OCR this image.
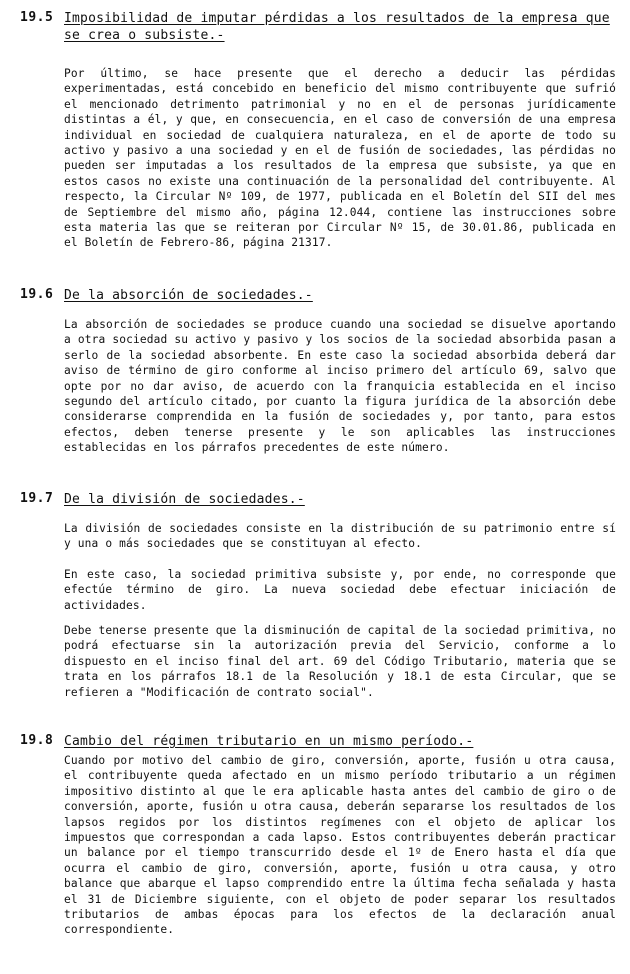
19.5 Imposibilidad de imputar pérdidas a los resultados de la empresa que se crea o subsiste.-

Por último, se hace presente que el derecho a deducir las pérdidas experimentadas, está concebido en beneficio del mismo contribuyente que sufrió el mencionado detrimento patrimonial y no en el de personas jurídicamente distintas a él, y que, en consecuencia, en el caso de conversión de una empresa individual en sociedad de cualquiera naturaleza, en el de aporte de todo su activo y pasivo a una sociedad y en el de fusión de sociedades, las pérdidas no pueden ser imputadas a los resultados de la empresa que subsiste, ya que en estos casos no existe una continuación de la personalidad del contribuyente. Al respecto, la Circular Nº 109, de 1977, publicada en el Boletín del SII del mes de Septiembre del mismo año, página 12.044, contiene las instrucciones sobre esta materia las que se reiteran por Circular Nº 15, de 30.01.86, publicada en el Boletín de Febrero-86, página 21317.

19.6 De la absorción de sociedades.-

La absorción de sociedades se produce cuando una sociedad se disuelve aportando a otra sociedad su activo y pasivo y los socios de la sociedad absorbida pasan a serlo de la sociedad absorbente. En este caso la sociedad absorbida deberá dar aviso de término de giro conforme al inciso primero del artículo 69, salvo que opte por no dar aviso, de acuerdo con la franquicia establecida en el inciso segundo del artículo citado, por cuanto la figura jurídica de la absorción debe considerarse comprendida en la fusión de sociedades y, por tanto, para estos efectos, deben tenerse presente y le son aplicables las instrucciones establecidas en los párrafos precedentes de este número.

19.7 De la división de sociedades.-

La división de sociedades consiste en la distribución de su patrimonio entre sí y una o más sociedades que se constituyan al efecto.

En este caso, la sociedad primitiva subsiste y, por ende, no corresponde que efectúe término de giro. La nueva sociedad debe efectuar iniciación de actividades.

Debe tenerse presente que la disminución de capital de la sociedad primitiva, no podrá efectuarse sin la autorización previa del Servicio, conforme a lo dispuesto en el inciso final del art. 69 del Código Tributario, materia que se trata en los párrafos 18.1 de la Resolución y 18.1 de esta Circular, que se refieren a "Modificación de contrato social".

19.8 Cambio del régimen tributario en un mismo período.-

Cuando por motivo del cambio de giro, conversión, aporte, fusión u otra causa, el contribuyente queda afectado en un mismo período tributario a un régimen impositivo distinto al que le era aplicable hasta antes del cambio de giro o de conversión, aporte, fusión u otra causa, deberán separarse los resultados de los lapsos regidos por los distintos regímenes con el objeto de aplicar los impuestos que correspondan a cada lapso. Estos contribuyentes deberán practicar un balance por el tiempo transcurrido desde el 1º de Enero hasta el día que ocurra el cambio de giro, conversión, aporte, fusión u otra causa, y otro balance que abarque el lapso comprendido entre la última fecha señalada y hasta el 31 de Diciembre siguiente, con el objeto de poder separar los resultados tributarios de ambas épocas para los efectos de la declaración anual correspondiente.
